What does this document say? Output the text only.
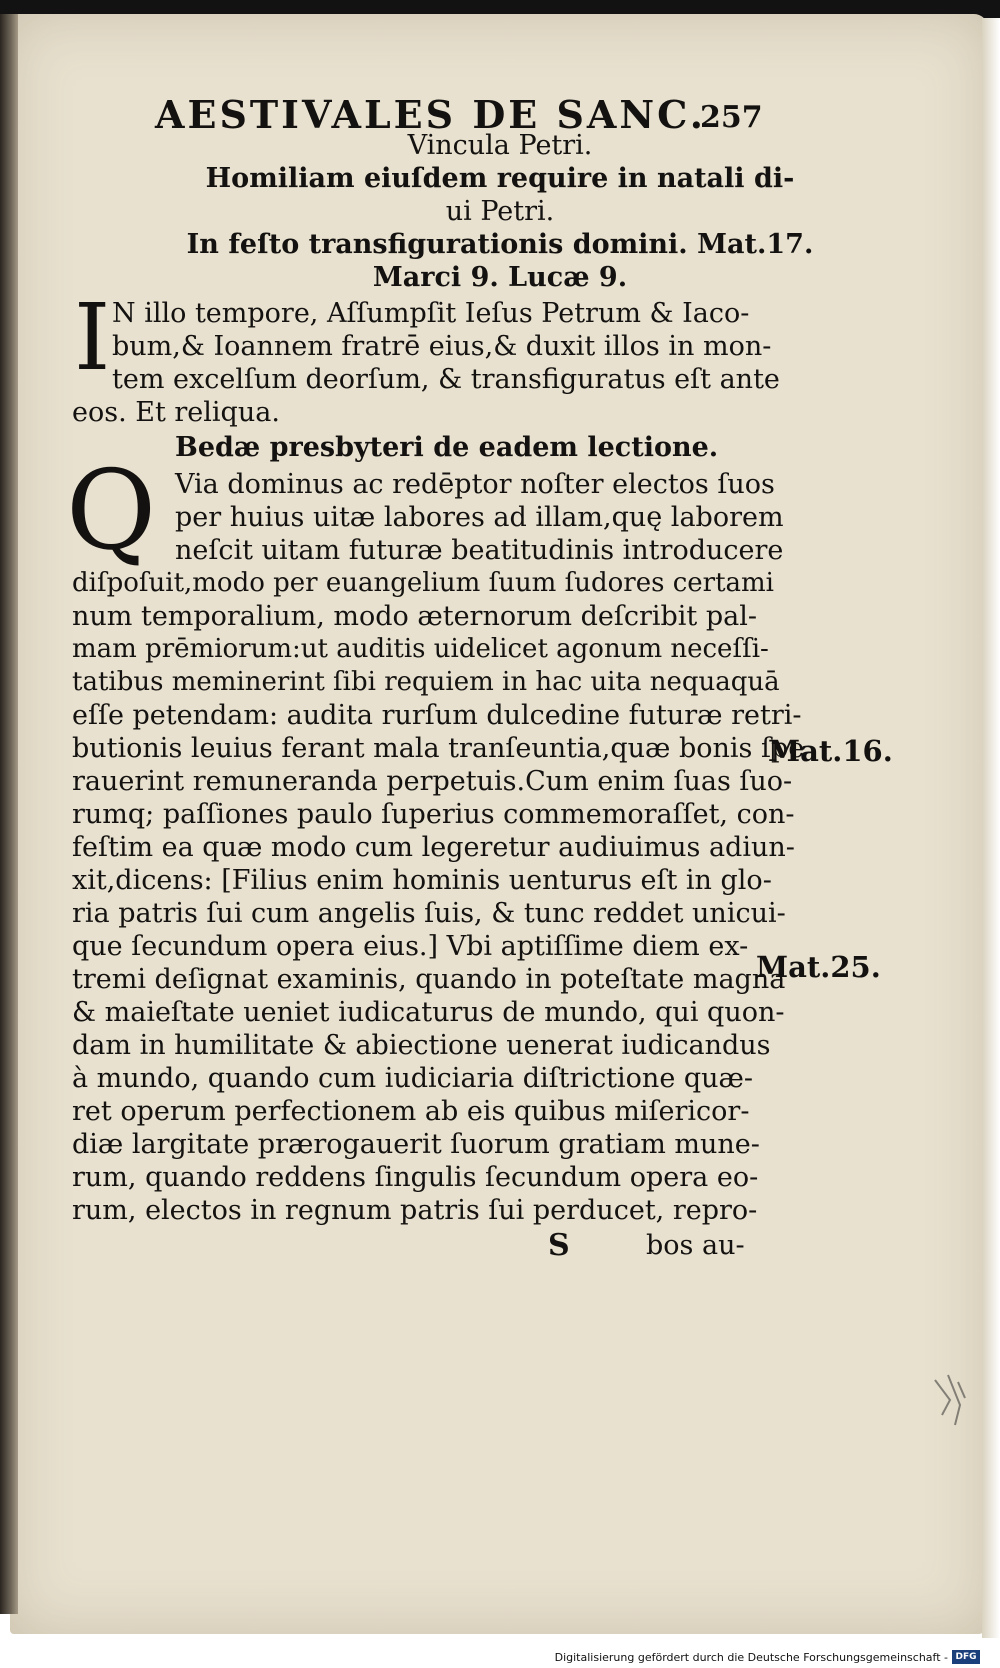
AESTIVALES DE SANC.
257
Vincula Petri.
Homiliam eiuſdem require in natali di-
ui Petri.
In feſto transfigurationis domini. Mat.17.
Marci 9. Lucæ 9.
I N illo tempore, Aſſumpſit Ieſus Petrum & Iaco-
bum,& Ioannem fratrē eius,& duxit illos in mon-
tem excelſum deorſum, & transfiguratus eſt ante
eos. Et reliqua.
Bedæ presbyteri de eadem lectione.
Q Via dominus ac redēptor noſter electos ſuos
per huius uitæ labores ad illam,quę laborem
neſcit uitam futuræ beatitudinis introducere
diſpoſuit,modo per euangelium ſuum ſudores certami
num temporalium, modo æternorum deſcribit pal-
mam prēmiorum:ut auditis uidelicet agonum neceſſi-
tatibus meminerint ſibi requiem in hac uita nequaquā
eſſe petendam: audita rurſum dulcedine futuræ retri-
butionis leuius ferant mala tranſeuntia,quæ bonis ſpe
rauerint remuneranda perpetuis.Cum enim ſuas ſuo-
rumq; paſſiones paulo ſuperius commemoraſſet, con-
feſtim ea quæ modo cum legeretur audiuimus adiun-
xit,dicens: [Filius enim hominis uenturus eſt in glo-
ria patris ſui cum angelis ſuis, & tunc reddet unicui-
que ſecundum opera eius.] Vbi aptiſſime diem ex-
tremi deſignat examinis, quando in poteſtate magna
& maieſtate ueniet iudicaturus de mundo, qui quon-
dam in humilitate & abiectione uenerat iudicandus
à mundo, quando cum iudiciaria diſtrictione quæ-
ret operum perfectionem ab eis quibus miſericor-
diæ largitate prærogauerit ſuorum gratiam mune-
rum, quando reddens ſingulis ſecundum opera eo-
rum, electos in regnum patris ſui perducet, repro-
S	bos au-
Mat.16.
Mat.25.
Digitalisierung gefördert durch die Deutsche Forschungsgemeinschaft - DFG
